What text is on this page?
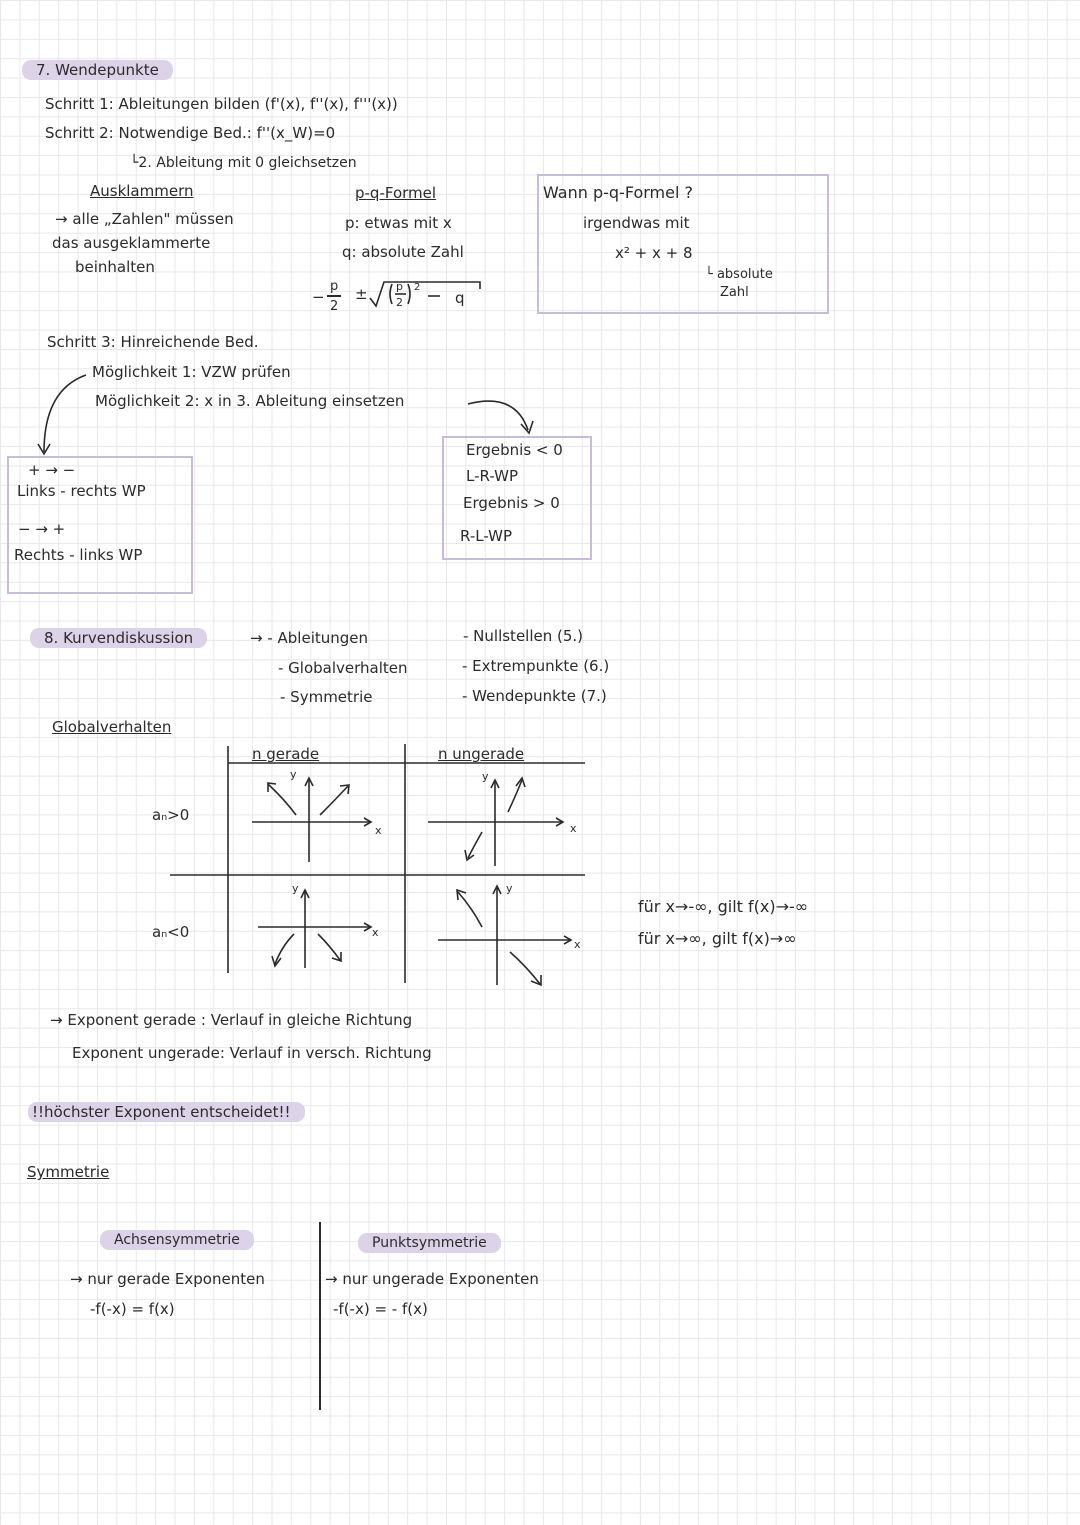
7. Wendepunkte
Schritt 1: Ableitungen bilden (f'(x), f''(x), f'''(x))
Schritt 2: Notwendige Bed.: f''(x_W)=0
└2. Ableitung mit 0 gleichsetzen
Ausklammern
→ alle „Zahlen" müssen
das ausgeklammerte
beinhalten
p-q-Formel
p: etwas mit x
q: absolute Zahl
−
p
2
±	p
2
2
q
Wann p-q-Formel ?
irgendwas mit
x² + x + 8
└ absolute
Zahl
Schritt 3: Hinreichende Bed.
Möglichkeit 1: VZW prüfen
Möglichkeit 2: x in 3. Ableitung einsetzen
+ → −
Links - rechts WP
− → +
Rechts - links WP
Ergebnis < 0
L-R-WP
Ergebnis > 0
R-L-WP
8. Kurvendiskussion	→ - Ableitungen
- Globalverhalten
- Symmetrie
- Nullstellen (5.)
- Extrempunkte (6.)
- Wendepunkte (7.)
Globalverhalten
n gerade	n ungerade
aₙ>0
aₙ<0
y
x
y
x
y
x
y
x
für x→-∞, gilt f(x)→-∞
für x→∞, gilt f(x)→∞
→ Exponent gerade : Verlauf in gleiche Richtung
Exponent ungerade: Verlauf in versch. Richtung
!!höchster Exponent entscheidet!!
Symmetrie
Achsensymmetrie
→ nur gerade Exponenten
-f(-x) = f(x)
Punktsymmetrie
→ nur ungerade Exponenten
-f(-x) = - f(x)
